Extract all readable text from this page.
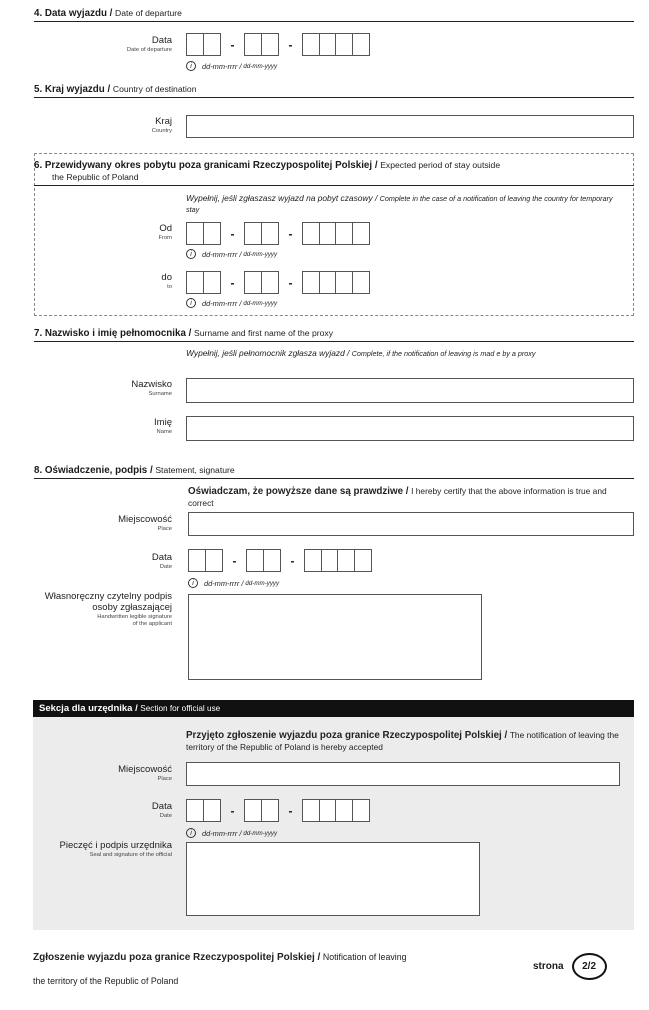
4. Data wyjazdu / Date of departure
Data
Date of departure	-	-
i	dd-mm-rrrr / dd-mm-yyyy
5. Kraj wyjazdu / Country of destination
Kraj
Country
6. Przewidywany okres pobytu poza granicami Rzeczypospolitej Polskiej / Expected period of stay outside
the Republic of Poland
Wypełnij, jeśli zgłaszasz wyjazd na pobyt czasowy / Complete in the case of a notification of leaving the country for temporary stay
Od
From	-	-
i	dd-mm-rrrr / dd-mm-yyyy
do
to	-	-
i	dd-mm-rrrr / dd-mm-yyyy
7. Nazwisko i imię pełnomocnika / Surname and first name of the proxy
Wypełnij, jeśli pełnomocnik zgłasza wyjazd / Complete, if the notification of leaving is mad e by a proxy
Nazwisko
Surname
Imię
Name
8. Oświadczenie, podpis / Statement, signature
Oświadczam, że powyższe dane są prawdziwe / I hereby certify that the above information is true and correct
Miejscowość
Place
Data
Date	-	-
i	dd-mm-rrrr / dd-mm-yyyy
Własnoręczny czytelny podpis
osoby zgłaszającej
Handwritten legible signature
of the applicant
Sekcja dla urzędnika / Section for official use
Przyjęto zgłoszenie wyjazdu poza granice Rzeczypospolitej Polskiej / The notification of leaving the territory of the Republic of Poland is hereby accepted
Miejscowość
Place
Data
Date	-	-
i	dd-mm-rrrr / dd-mm-yyyy
Pieczęć i podpis urzędnika
Seal and signature of the official
Zgłoszenie wyjazdu poza granice Rzeczypospolitej Polskiej / Notification of leaving
the territory of the Republic of Poland
strona	2/2
